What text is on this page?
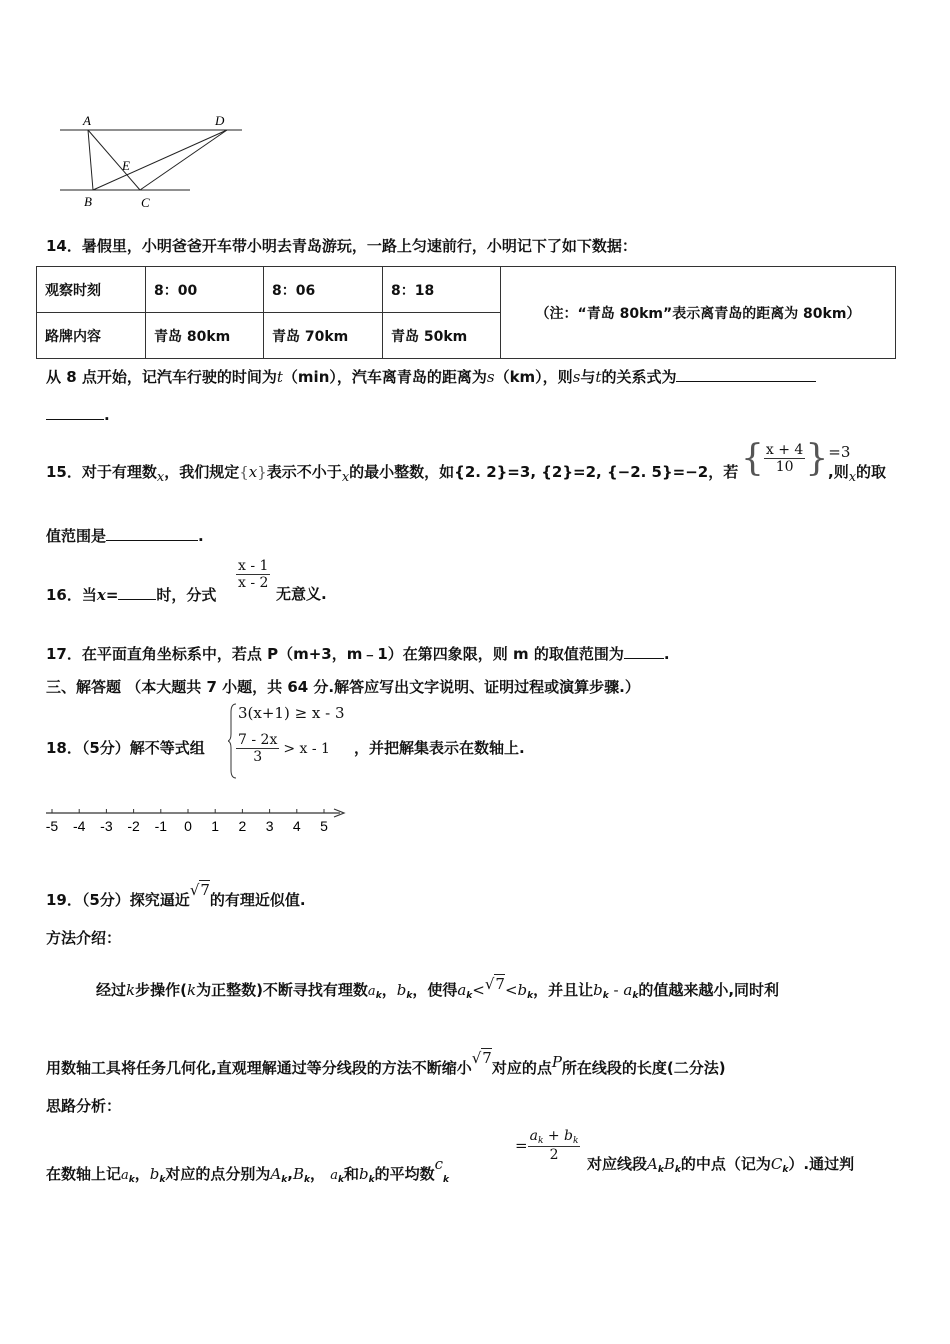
A	D
E
B	C
14．暑假里，小明爸爸开车带小明去青岛游玩，一路上匀速前行，小明记下了如下数据：
观察时刻	8：00	8：06	8：18	（注：“青岛 80km”表示离青岛的距离为 80km）
路牌内容	青岛 80km	青岛 70km	青岛 50km	
从 8 点开始，记汽车行驶的时间为t（min），汽车离青岛的距离为s（km），则s与t的关系式为
.
15．对于有理数x，我们规定{x}表示不小于x的最小整数，如{2. 2}=3, {2}=2, {−2. 5}=−2，若 { $\frac{x + 4}{10} \}=3$
,则x的取
值范围是	.
16．当x=	时，分式
$\frac{x - 1}{x - 2}$
无意义.
17．在平面直角坐标系中，若点 P（m+3，m﹣1）在第四象限，则 m 的取值范围为	.
三、解答题 （本大题共 7 小题，共 64 分.解答应写出文字说明、证明过程或演算步骤.）
18．（5分）解不等式组
3(x+1) ≥ x - 3
$\frac{7 - 2x}{3} > x - 1$ ，并把解集表示在数轴上.
-5 -4 -3 -2 -1 0 1 2 3 4 5
19．（5分）探究逼近√7的有理近似值.
方法介绍：
经过k步操作(k为正整数)不断寻找有理数$a_k$，$b_k$，使得$a_k<√7<b_k$，并且让$b_k - a_k$的值越来越小,同时利
用数轴工具将任务几何化,直观理解通过等分线段的方法不断缩小√7对应的点P所在线段的长度(二分法)
思路分析：
在数轴上记$a_k$，$b_k$对应的点分别为$A_k,B_k$， $a_k$和$b_k$的平均数$c_k$
= $\frac{a_k + b_k}{2}$
对应线段$A_kB_k$的中点（记为$C_k$）.通过判
